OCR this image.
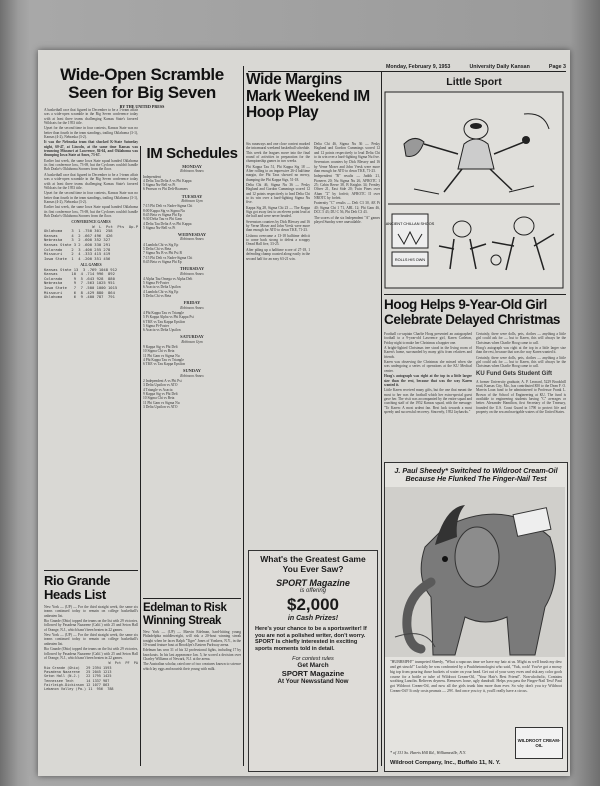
Monday, February 9, 1953	University Daily Kansan	Page 3
Wide-Open Scramble Seen for Big Seven
BY THE UNITED PRESS

A basketball race that figured in December to be a 1-team affair was a wide-open scramble in the Big Seven conference today with at least three teams challenging Kansas State's favored Wildcats for the 1953 title.

Upset for the second time in four contests, Kansas State was no better than fourth in the team standings, trailing Oklahoma (3-1), Kansas (4-2), Nebraska (3-2).

It was the Nebraska team that shocked K-State Saturday night, 60-47, at Lincoln, at the same time Kansas was trouncing Missouri at Lawrence, 84-64, and Oklahoma was thumping Iowa State at Ames, 73-67.

Earlier last week, the same Iowa State squad handed Oklahoma its first conference loss, 73-69, but the Cyclones couldn't handle Bob Drake's Oklahoma Sooners from the floor.

A basketball race that figured in December to be a 1-team affair was a wide-open scramble in the Big Seven conference today with at least three teams challenging Kansas State's favored Wildcats for the 1953 title.

Upset for the second time in four contests, Kansas State was no better than fourth in the team standings, trailing Oklahoma (3-1), Kansas (4-2), Nebraska (3-2).

Earlier last week, the same Iowa State squad handed Oklahoma its first conference loss, 73-69, but the Cyclones couldn't handle Bob Drake's Oklahoma Sooners from the floor.

CONFERENCE GAMES
W  L  Pct  Pts  Op.P
Oklahoma    3  1 .750 301  258
Kansas      4  2 .667 496  426
Nebraska    3  2 .600 352 327
Kansas State 3 2 .600 330 291
Colorado    2  3 .400 255 278
Missouri    2  4 .333 415 419
Iowa State  1  4 .200 351 456
ALL GAMES
Kansas State 13  3 .769 1048 912
Kansas      10  4 .714 996  892
Colorado     9  5 .643 928  880
Nebraska     9  7 .563 1025 951
Iowa State   7  7 .500 1000 1015
Missouri     6  8 .429 880  864
Oklahoma     6  9 .400 787  791
Rio Grande Heads List

New York — (UP) — For the third straight week, the same six teams continued today to remain on college basketball's unbeaten list.

Rio Grande (Ohio) topped the teams on the list with 29 victories, followed by Pasadena Nazarene (Calif.) with 25 and Seton Hall of Orange, N.J., which hasn't been beaten in 22 games.

New York — (UP) — For the third straight week, the same six teams continued today to remain on college basketball's unbeaten list.

Rio Grande (Ohio) topped the teams on the list with 29 victories, followed by Pasadena Nazarene (Calif.) with 25 and Seton Hall of Orange, N.J., which hasn't been beaten in 22 games.

W  Pct  PF  PA
Rio Grande (Ohio)   29 2394 1593
Pasadena Nazarene   25 2045 1213
Seton Hall (N.J.)   22 1795 1425
Tennessee Tech      14 1337 987
Fairleigh-Dickinson 12 1077 863
Lebanon Valley (Pa.) 11  956  788
IM Schedules
MONDAY
Robinson Annex
Independent
4 Delta Tau Delta A vs Phi Kappa
5 Sigma Nu-Bell vs Pi
6 Pearson vs Phi Delt-Roamers
TUESDAY
Robinson Gym
7:15 Phi Delt vs Nader-Sigma Chi
8:00 Kappa Sig vs Sigma Nu
8:45 Beta vs Sigma Phi Ep
9:30 Delta Tau vs Phi Gam
4 Delta Tau Delta A vs Phi Kappa
5 Sigma Nu-Bell vs Pi
WEDNESDAY
Robinson Annex
4 Lambda Chi vs Sig Ep
5 Delta Chi vs Beta
7 Sigma Nu B vs Phi Psi B
7:15 Phi Delt vs Nader-Sigma Chi
8:45 Beta vs Sigma Phi Ep
THURSDAY
Robinson Annex
4 Alpha Tau Omega vs Alpha Delt
5 Sigma Pi-Foster
6 Acacia vs Delta Upsilon
4 Lambda Chi vs Sig Ep
5 Delta Chi vs Beta
FRIDAY
Robinson Annex
4 Phi Kappa Tau vs Triangle
5 Pi Kappa Alpha vs Phi Kappa Psi
6 TKE vs Tau Kappa Epsilon
5 Sigma Pi-Foster
6 Acacia vs Delta Upsilon
SATURDAY
Robinson Gym
9 Kappa Sig vs Phi Delt
10 Sigma Chi vs Beta
11 Phi Gam vs Sigma Nu
4 Phi Kappa Tau vs Triangle
6 TKE vs Tau Kappa Epsilon
SUNDAY
Robinson Annex
2 Independent A vs Phi Psi
3 Delta Upsilon vs ATO
4 Triangle vs Acacia
9 Kappa Sig vs Phi Delt
10 Sigma Chi vs Beta
11 Phi Gam vs Sigma Nu
3 Delta Upsilon vs ATO
Edelman to Risk Winning Streak

New York — (UP) — Marvin Edelman, hard-hitting young Philadelphia middleweight, will risk a 20-bout winning streak tonight when he faces Ralph "Tiger" Jones of Yonkers, N.Y., in the 10-round feature bout at Brooklyn's Eastern Parkway arena.

Edelman has won 31 of his 32 professional fights, including 17 by knockouts. In his last appearance Jan. 5, he scored a decision over Charley Williams of Newark, N.J. at the arena.

The Australian scholar, rated one of two creatures known to science which lay eggs and nourish their young with milk.

Wide Margins Mark Weekend IM Hoop Play

Six runaways and one close contest marked the intramural weekend basketball schedule. This week the leagues move into the final round of activities in preparation for the championship games in two weeks.

Phi Kappa Tau 51, Phi Kappa Sig 18 — After rolling to an impressive 26-4 halftime margin, the Phi Taus showed no mercy, thumping the Phi Kappa Sigs, 51-18.

Delta Chi 46, Sigma Nu 36 — Pesky Hagland and Gordon Cummings scored 12 and 12 points respectively to lead Delta Chi to its win over a hard-fighting Sigma Nu five.

Kappa Sig 28, Sigma Chi 23 — The Kappa Sigs got away fast to an eleven point lead at the half and were never headed.

Sevenstars counters by Dick Blessey and 16 by Verne Moser and John Vresk were more than enough for ATO to down TKE, 71-23.

Lisbona overcame a 13-18 halftime deficit to come back strong to defeat a scrappy Oread Hall five, 33-25.

After piling up a halftime score of 27-18, 1 defending champ coasted along easily in the second half for an easy 63-21 win.

Delta Chi 46, Sigma Nu 36 — Pesky Hagland and Gordon Cummings scored 12 and 12 points respectively to lead Delta Chi to its win over a hard-fighting Sigma Nu five.

Sevenstars counters by Dick Blessey and 16 by Verne Moser and John Vresk were more than enough for ATO to down TKE, 71-23.

Independent "B" results — Judith 21, Pioneers 20; Nu Sigma Nu 26, AFROTC 1 25; Cabin Reese 38, B Knights 34; Fernley Oliver 21, East Side 20; Twin Pines over Alum "2" by forfeit; AFROTC II over NROTC by forfeit.

Fraternity "C" results — Delt C3 30, AE Pi 40; Sigma Chi 1 71, ABL 12; Phi Gam 46, DCC 5 43; DU C 56, Phi Delt C3 43.

The scores of the six Independent "A" games played Sunday were unavailable.

What's the Greatest Game You Ever Saw?
SPORT Magazine
is offering
$2,000
in Cash Prizes!
Here's your chance to be a sportswriter! If you are not a polished writer, don't worry. SPORT is chiefly interested in exciting sports moments told in detail.
For contest rules
Get March
SPORT Magazine
At Your Newsstand Now
Little Sport
ANCIENT CHILLAN SHOOS
ROLLS HIS OWN
Hoog Helps 9-Year-Old Girl Celebrate Delayed Christmas

Football co-captain Charlie Hoog presented an autographed football to a 9-year-old Lawrence girl, Karen Carleton, Friday night to make her Christmas a happier one.

A bright-lighted Christmas tree stood in the living room of Karen's home, surrounded by many gifts from relatives and friends.

Karen was observing the Christmas she missed when she was undergoing a series of operations at the KU Medical center.

Hoog's autograph was right at the top in a little larger size than the rest, because that was the way Karen wanted it.

Little Karen received many gifts, but the one that meant the most to her was the football which her extra-special guest gave her. The visit was accompanied by the entire squad and coaching staff of the 1952 Kansas squad, with the message: "To Karen: A most ardent fan. Best luck towards a most speedy and successful recovery. Sincerely, 1952 Jayhawks."

Certainly, there were dolls, pets, clothes — anything a little girl could ask for — but to Karen, this will always be the Christmas when Charlie Hoog came to call.

Hoog's autograph was right at the top in a little larger size than the rest, because that was the way Karen wanted it.

Certainly, there were dolls, pets, clothes — anything a little girl could ask for — but to Karen, this will always be the Christmas when Charlie Hoog came to call.

KU Fund Gets Student Gift

A former University graduate, A. P. Leonard, 5229 Brookhill road, Kansas City, Mo., has contributed $50 to the Dean F. O. Marvin Loan fund to be administered to Professor Frank L. Brown of the School of Engineering at KU. The fund is available to engineering students having "C" averages or better. Alexander Hamilton, first Secretary of the Treasury, founded the U.S. Coast Guard in 1790 to protect life and property on the sea and navigable waters of the United States.

J. Paul Sheedy* Switched to Wildroot Cream-Oil Because He Flunked The Finger-Nail Test
"HUBBMPH!" trumpeted Sheedy, "What a rapscass time we have my hair at us. Might as well brush my dew and get struck!" Luckily he was confronted by a Paulchetonologist who said, "Yuk, cock! You've got a mossy big top from pouring those buckets of water on your head. Get out of your sorry ewes and risk any color gooh course for a bottle or tube of Wildroot Cream-Oil, "Your Hair's Best Friend". Non-alcoholic, Contains soothing Lanolin. Relieves dryness. Removes loose, ugly dandruff. Helps you pass the Finger-Nail Test! Paul got Wildroot Cream-Oil, and now all the girls trunk him more than ever. So why don't you try Wildroot Cream-Oil? It only costs peanuts — 29¢. And once you try it, you'll really have a circus.
WILDROOT CREAM-OIL
* of 131 So. Harris Hill Rd., Williamsville, N.Y.
Wildroot Company, Inc., Buffalo 11, N. Y.
